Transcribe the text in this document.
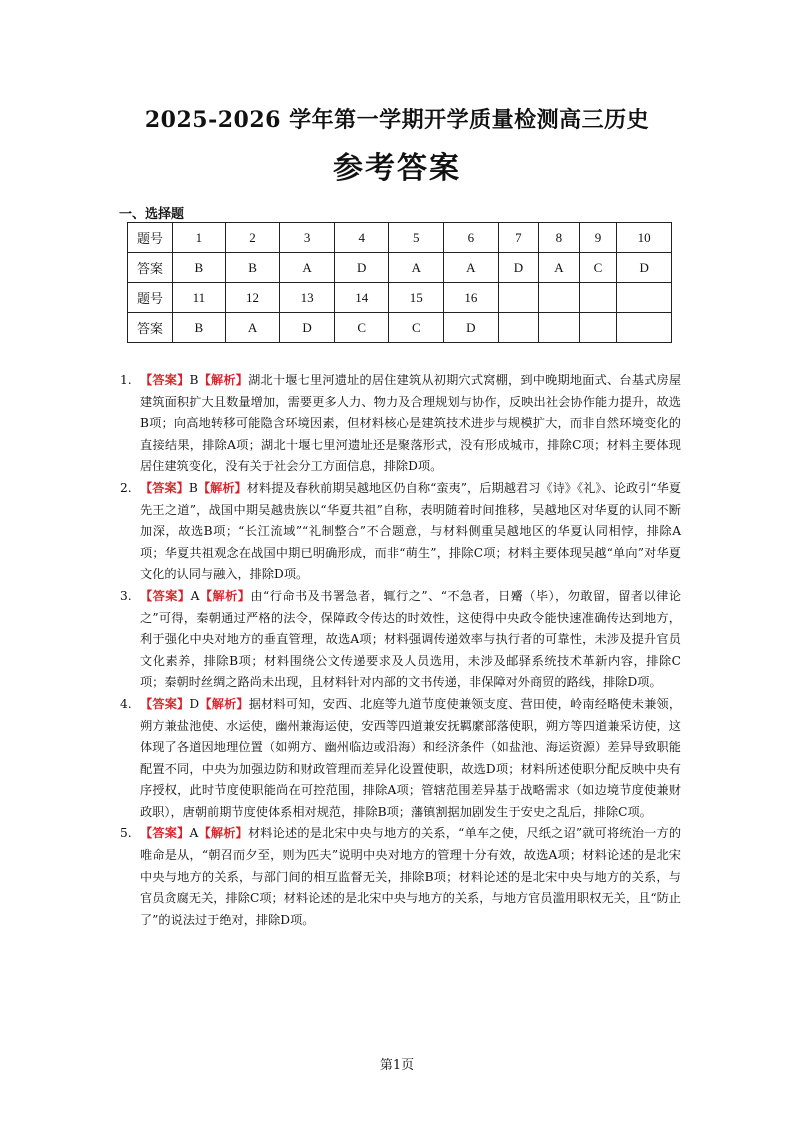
2025-2026 学年第一学期开学质量检测高三历史
参考答案
一、选择题
题号	1	2	3	4	5	6	7	8	9	10
答案	B	B	A	D	A	A	D	A	C	D
题号	11	12	13	14	15	16				
答案	B	A	D	C	C	D				
1. 【答案】B【解析】湖北十堰七里河遗址的居住建筑从初期穴式窝棚，到中晚期地面式、台基式房屋建筑面积扩大且数量增加，需要更多人力、物力及合理规划与协作，反映出社会协作能力提升，故选B项；向高地转移可能隐含环境因素，但材料核心是建筑技术进步与规模扩大，而非自然环境变化的直接结果，排除A项；湖北十堰七里河遗址还是聚落形式，没有形成城市，排除C项；材料主要体现居住建筑变化，没有关于社会分工方面信息，排除D项。
2. 【答案】B【解析】材料提及春秋前期吴越地区仍自称“蛮夷”，后期越君习《诗》《礼》、论政引“华夏先王之道”，战国中期吴越贵族以“华夏共祖”自称，表明随着时间推移，吴越地区对华夏的认同不断加深，故选B项；“长江流域”“礼制整合”不合题意，与材料侧重吴越地区的华夏认同相悖，排除A项；华夏共祖观念在战国中期已明确形成，而非“萌生”，排除C项；材料主要体现吴越“单向”对华夏文化的认同与融入，排除D项。
3. 【答案】A【解析】由“行命书及书署急者，辄行之”、“不急者，日觱（毕），勿敢留，留者以律论之”可得，秦朝通过严格的法令，保障政令传达的时效性，这使得中央政令能快速准确传达到地方，利于强化中央对地方的垂直管理，故选A项；材料强调传递效率与执行者的可靠性，未涉及提升官员文化素养，排除B项；材料围绕公文传递要求及人员选用，未涉及邮驿系统技术革新内容，排除C项；秦朝时丝绸之路尚未出现，且材料针对内部的文书传递，非保障对外商贸的路线，排除D项。
4. 【答案】D【解析】据材料可知，安西、北庭等九道节度使兼领支度、营田使，岭南经略使未兼领，朔方兼盐池使、水运使，幽州兼海运使，安西等四道兼安抚羁縻部落使职，朔方等四道兼采访使，这体现了各道因地理位置（如朔方、幽州临边或沿海）和经济条件（如盐池、海运资源）差异导致职能配置不同，中央为加强边防和财政管理而差异化设置使职，故选D项；材料所述使职分配反映中央有序授权，此时节度使职能尚在可控范围，排除A项；管辖范围差异基于战略需求（如边境节度使兼财政职），唐朝前期节度使体系相对规范，排除B项；藩镇割据加剧发生于安史之乱后，排除C项。
5. 【答案】A【解析】材料论述的是北宋中央与地方的关系，“单车之使，尺纸之诏”就可将统治一方的唯命是从，“朝召而夕至，则为匹夫”说明中央对地方的管理十分有效，故选A项；材料论述的是北宋中央与地方的关系，与部门间的相互监督无关，排除B项；材料论述的是北宋中央与地方的关系，与官员贪腐无关，排除C项；材料论述的是北宋中央与地方的关系，与地方官员滥用职权无关，且“防止了”的说法过于绝对，排除D项。
第1页
